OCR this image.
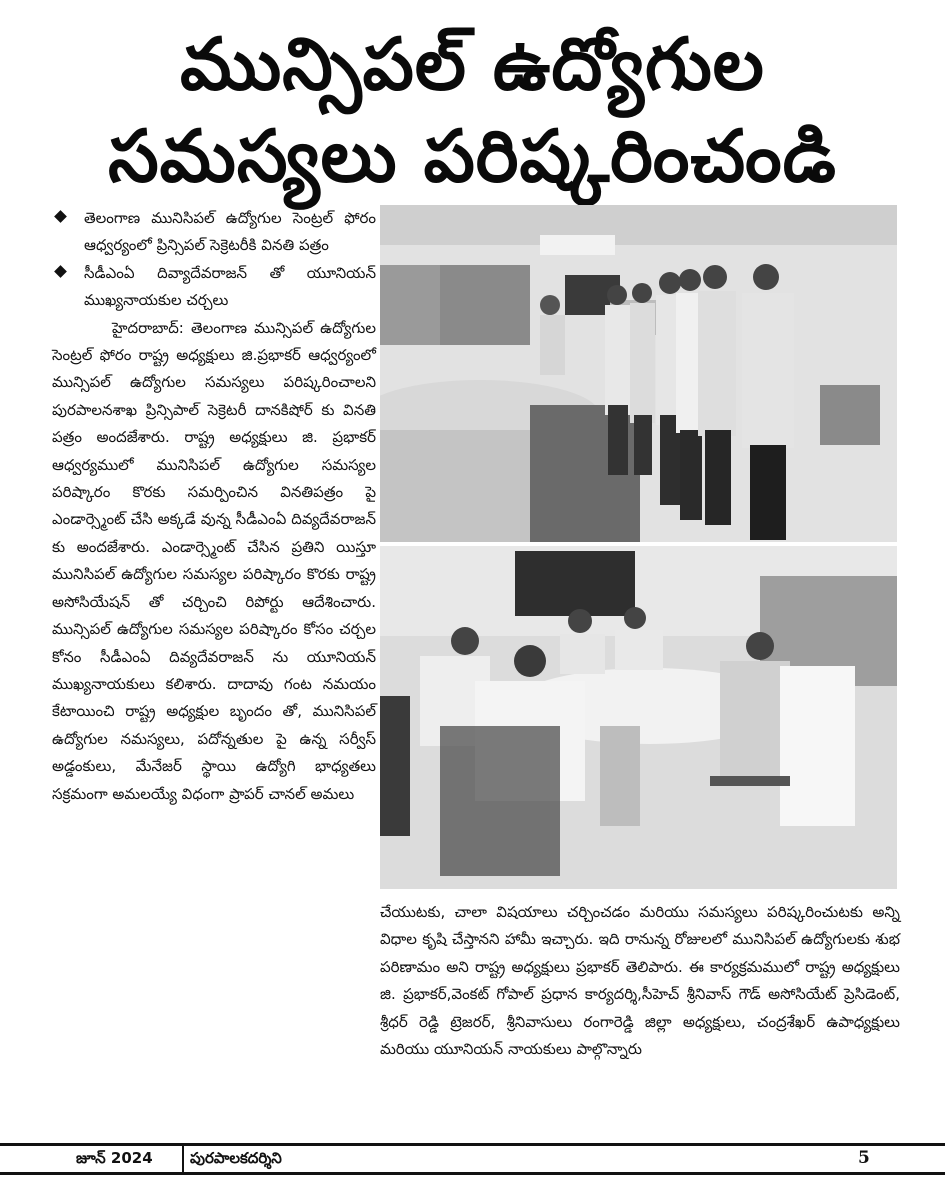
మున్సిపల్ ఉద్యోగుల
సమస్యలు పరిష్కరించండి
తెలంగాణ మునిసిపల్ ఉద్యోగుల సెంట్రల్ ఫోరం ఆధ్వర్యంలో ప్రిన్సిపల్ సెక్రెటరీకి వినతి పత్రం
సీడీఎంఏ దివ్యాదేవరాజన్ తో యూనియన్ ముఖ్యనాయకుల చర్చలు

హైదరాబాద్: తెలంగాణ మున్సిపల్ ఉద్యోగుల సెంట్రల్ ఫోరం రాష్ట్ర అధ్యక్షులు జి.ప్రభాకర్ ఆధ్వర్యంలో మున్సిపల్ ఉద్యోగుల సమస్యలు పరిష్కరించాలని పురపాలనశాఖ ప్రిన్సిపాల్ సెక్రెటరీ దానకిషోర్ కు వినతి పత్రం అందజేశారు. రాష్ట్ర అధ్యక్షులు జి. ప్రభాకర్ ఆధ్వర్యములో మునిసిపల్ ఉద్యోగుల సమస్యల పరిష్కారం కొరకు సమర్పించిన వినతిపత్రం పై ఎండార్స్మెంట్ చేసి అక్కడే వున్న సీడీఎంఏ దివ్యదేవరాజన్ కు అందజేశారు. ఎండార్స్మెంట్ చేసిన ప్రతిని యిస్తూ మునిసిపల్ ఉద్యోగుల సమస్యల పరిష్కారం కొరకు రాష్ట్ర అసోసియేషన్ తో చర్చించి రిపోర్టు ఆదేశించారు. మున్సిపల్ ఉద్యోగుల సమస్యల పరిష్కారం కోసం చర్చల కోనం సీడీఎంఏ దివ్యదేవరాజన్ ను యూనియన్ ముఖ్యనాయకులు కలిశారు. దాదావు గంట నమయం కేటాయించి రాష్ట్ర అధ్యక్షుల బృందం తో, మునిసిపల్ ఉద్యోగుల నమస్యలు, పదోన్నతుల పై ఉన్న సర్వీస్ అడ్డంకులు, మేనేజర్ స్థాయి ఉద్యోగి భాధ్యతలు సక్రమంగా అమలయ్యే విధంగా ప్రాపర్ చానల్ అమలు

చేయుటకు, చాలా విషయాలు చర్చించడం మరియు సమస్యలు పరిష్కరించుటకు అన్ని విధాల కృషి చేస్తానని హామీ ఇచ్చారు. ఇది రానున్న రోజులలో మునిసిపల్ ఉద్యోగులకు శుభ పరిణామం అని రాష్ట్ర అధ్యక్షులు ప్రభాకర్ తెలిపారు. ఈ కార్యక్రమములో రాష్ట్ర అధ్యక్షులు జి. ప్రభాకర్,వెంకట్ గోపాల్ ప్రధాన కార్యదర్శి,సీహెచ్ శ్రీనివాస్ గౌడ్ అసోసియేట్ ప్రెసిడెంట్, శ్రీధర్ రెడ్డి ట్రెజరర్, శ్రీనివాసులు రంగారెడ్డి జిల్లా అధ్యక్షులు, చంద్రశేఖర్ ఉపాధ్యక్షులు మరియు యూనియన్ నాయకులు పాల్గొన్నారు
జూన్ 2024 పురపాలకదర్శిని	5
